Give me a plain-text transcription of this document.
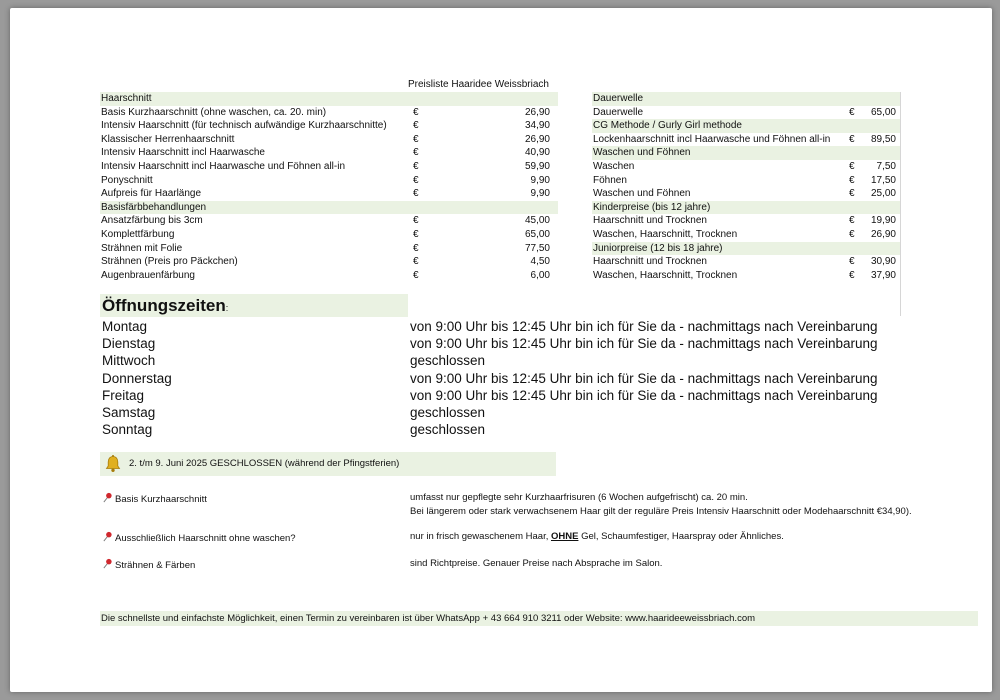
Preisliste Haaridee Weissbriach
Haarschnitt
Basis Kurzhaarschnitt (ohne waschen, ca. 20. min)	€	26,90
Intensiv Haarschnitt (für technisch aufwändige Kurzhaarschnitte)	€	34,90
Klassischer Herrenhaarschnitt	€	26,90
Intensiv Haarschnitt incl Haarwasche	€	40,90
Intensiv Haarschnitt incl Haarwasche und Föhnen all-in	€	59,90
Ponyschnitt	€	9,90
Aufpreis für Haarlänge	€	9,90
Basisfärbbehandlungen
Ansatzfärbung bis 3cm	€	45,00
Komplettfärbung	€	65,00
Strähnen mit Folie	€	77,50
Strähnen (Preis pro Päckchen)	€	4,50
Augenbrauenfärbung	€	6,00
Dauerwelle
Dauerwelle	€ 65,00
CG Methode / Gurly Girl methode
Lockenhaarschnitt incl Haarwasche und Föhnen all-in € 89,50
Waschen und Föhnen
Waschen	€ 7,50
Föhnen	€ 17,50
Waschen und Föhnen	€ 25,00
Kinderpreise (bis 12 jahre)
Haarschnitt und Trocknen	€ 19,90
Waschen, Haarschnitt, Trocknen	€ 26,90
Juniorpreise (12 bis 18 jahre)
Haarschnitt und Trocknen	€ 30,90
Waschen, Haarschnitt, Trocknen	€ 37,90
Öffnungszeiten:
Montag	von 9:00 Uhr bis 12:45 Uhr bin ich für Sie da - nachmittags nach Vereinbarung
Dienstag	von 9:00 Uhr bis 12:45 Uhr bin ich für Sie da - nachmittags nach Vereinbarung
Mittwoch	geschlossen
Donnerstag	von 9:00 Uhr bis 12:45 Uhr bin ich für Sie da - nachmittags nach Vereinbarung
Freitag	von 9:00 Uhr bis 12:45 Uhr bin ich für Sie da - nachmittags nach Vereinbarung
Samstag	geschlossen
Sonntag	geschlossen
2. t/m 9. Juni 2025 GESCHLOSSEN (während der Pfingstferien)
Basis Kurzhaarschnitt	umfasst nur gepflegte sehr Kurzhaarfrisuren (6 Wochen aufgefrischt) ca. 20 min.
Bei längerem oder stark verwachsenem Haar gilt der reguläre Preis Intensiv Haarschnitt oder Modehaarschnitt €34,90).
Ausschließlich Haarschnitt ohne waschen?	nur in frisch gewaschenem Haar, OHNE Gel, Schaumfestiger, Haarspray oder Ähnliches.
Strähnen & Färben	sind Richtpreise. Genauer Preise nach Absprache im Salon.
Die schnellste und einfachste Möglichkeit, einen Termin zu vereinbaren ist über WhatsApp + 43 664 910 3211 oder Website: www.haarideeweissbriach.com
